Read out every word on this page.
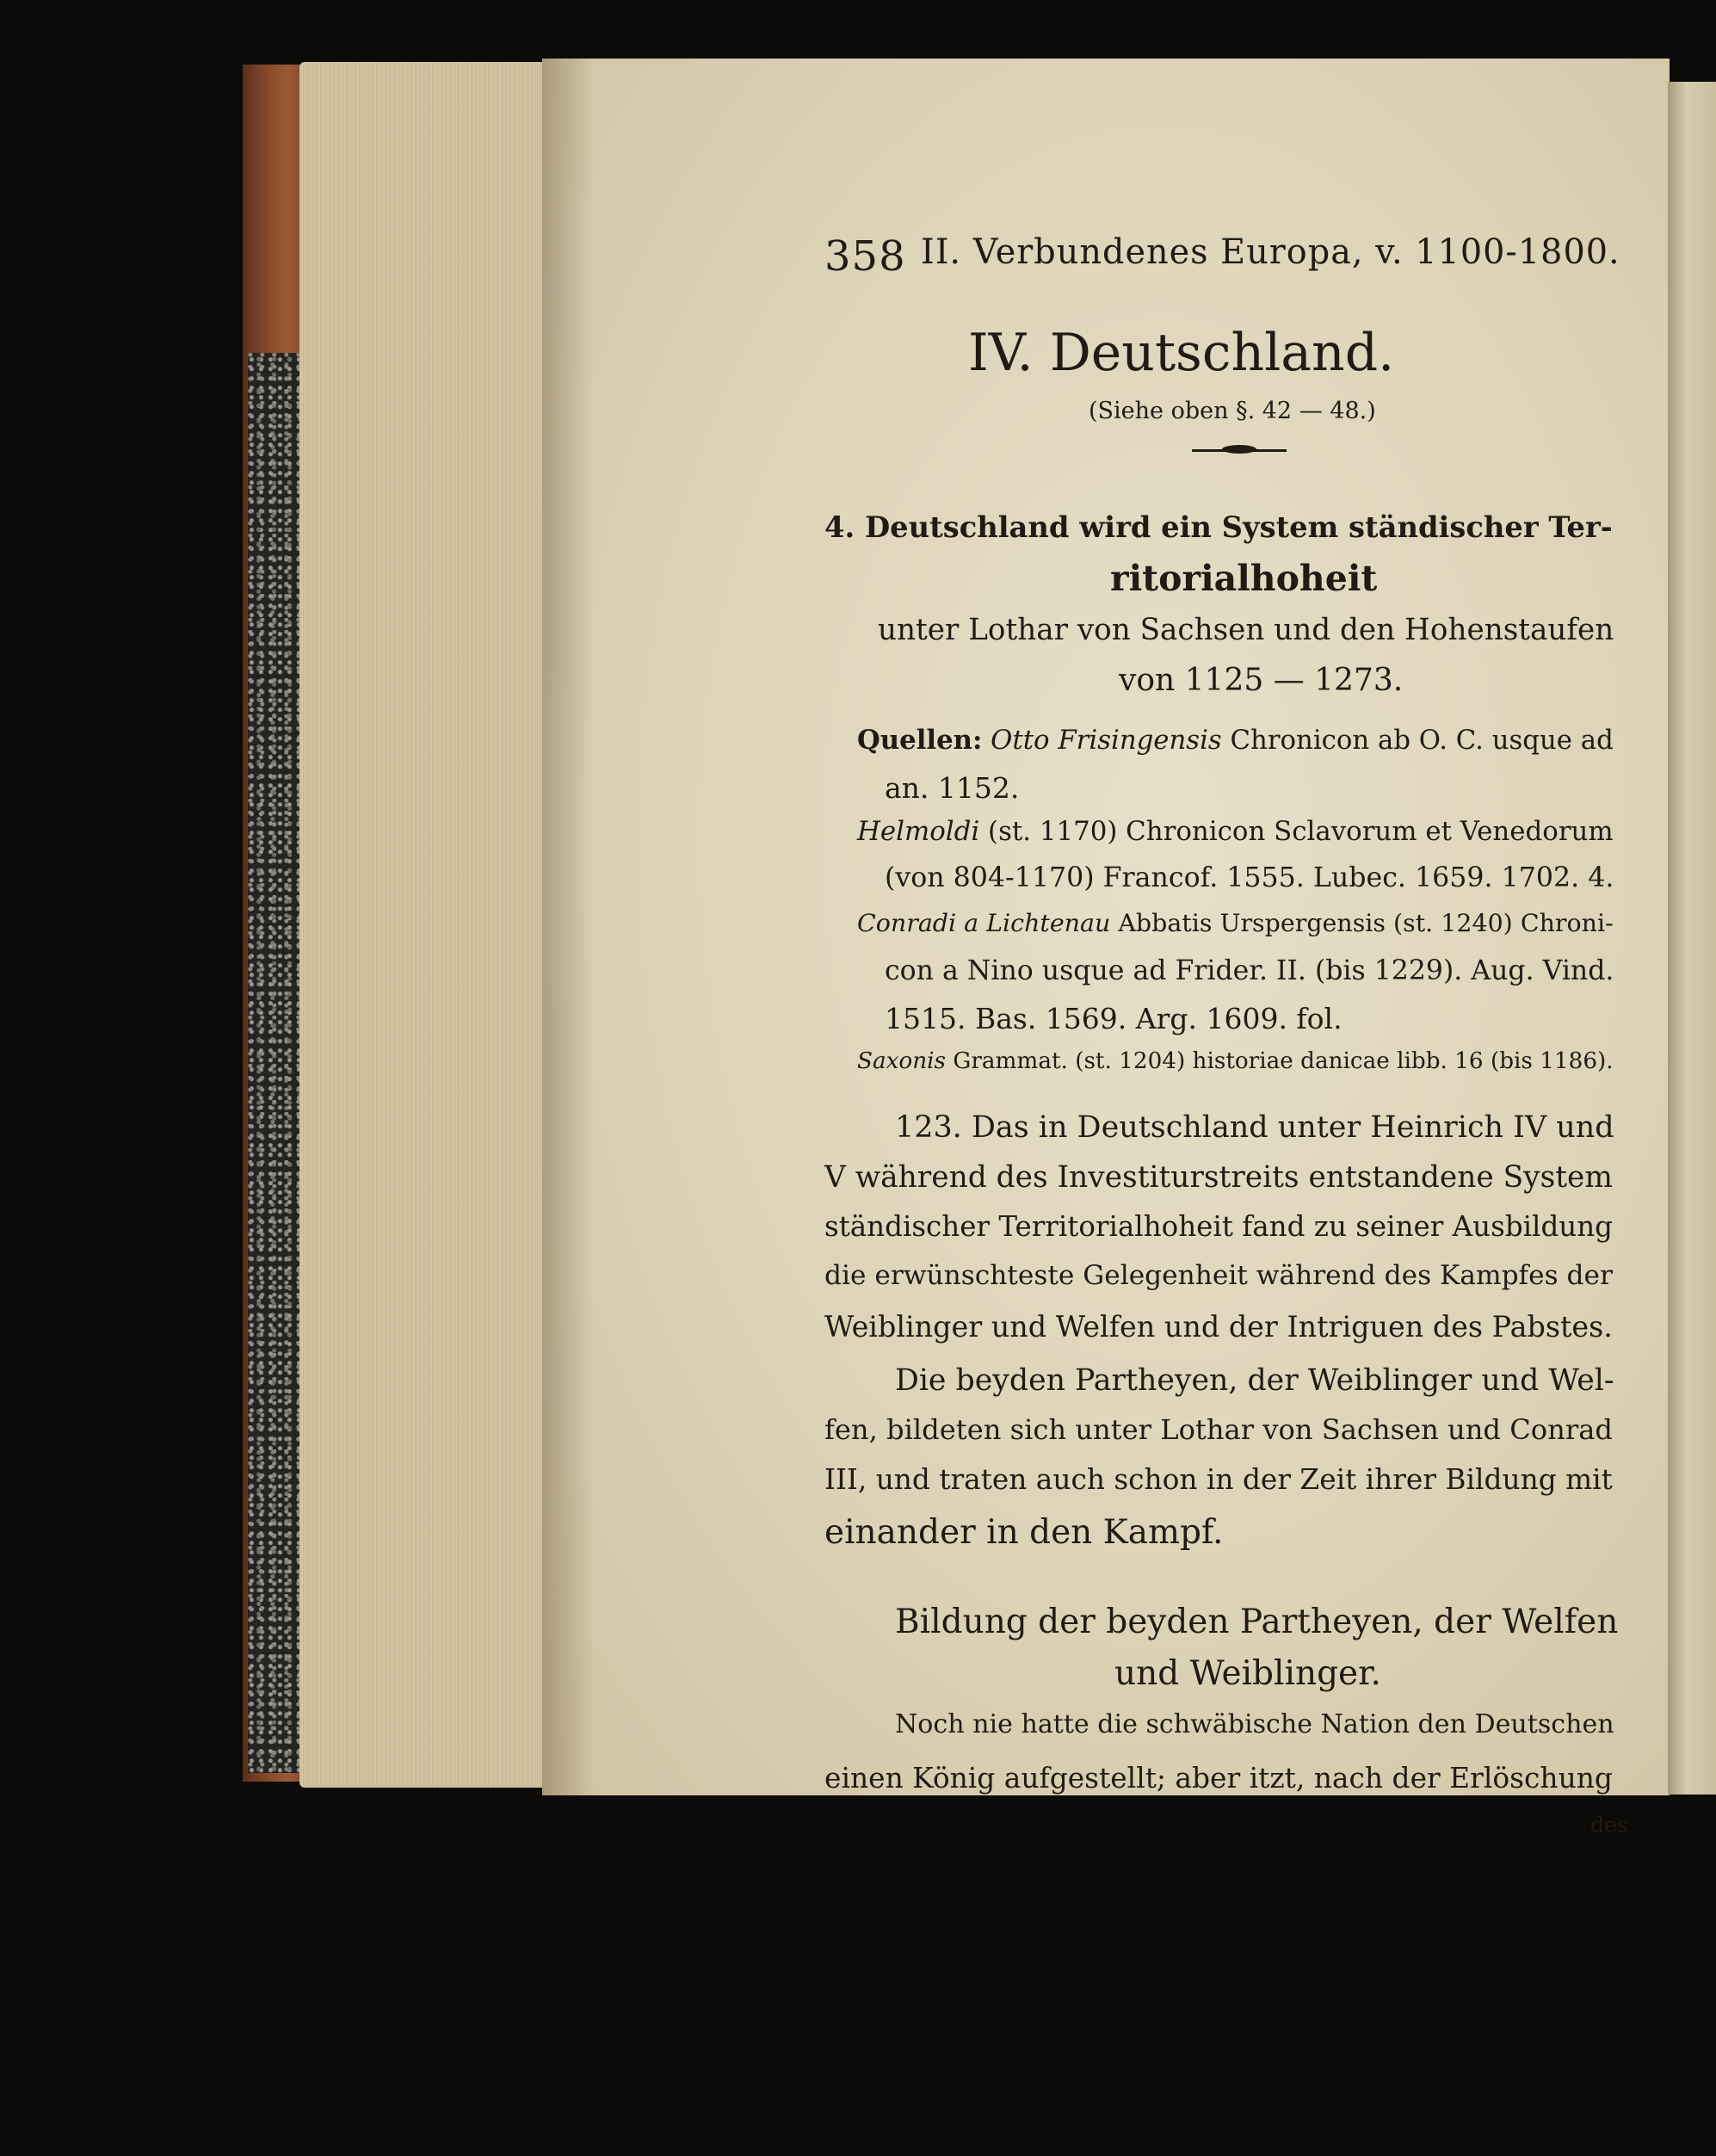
358 II. Verbundenes Europa, v. 1100-1800.
IV. Deutschland.
(Siehe oben §. 42 — 48.)
4. Deutschland wird ein System ständischer Ter-
ritorialhoheit
unter Lothar von Sachsen und den Hohenstaufen
von 1125 — 1273.
Quellen: Otto Frisingensis Chronicon ab O. C. usque ad
an. 1152.
Helmoldi (st. 1170) Chronicon Sclavorum et Venedorum
(von 804-1170) Francof. 1555. Lubec. 1659. 1702. 4.
Conradi a Lichtenau Abbatis Urspergensis (st. 1240) Chroni-
con a Nino usque ad Frider. II. (bis 1229). Aug. Vind.
1515. Bas. 1569. Arg. 1609. fol.
Saxonis Grammat. (st. 1204) historiae danicae libb. 16 (bis 1186).
123. Das in Deutschland unter Heinrich IV und
V während des Investiturstreits entstandene System
ständischer Territorialhoheit fand zu seiner Ausbildung
die erwünschteste Gelegenheit während des Kampfes der
Weiblinger und Welfen und der Intriguen des Pabstes.
Die beyden Partheyen, der Weiblinger und Wel-
fen, bildeten sich unter Lothar von Sachsen und Conrad
III, und traten auch schon in der Zeit ihrer Bildung mit
einander in den Kampf.
Bildung der beyden Partheyen, der Welfen
und Weiblinger.
Noch nie hatte die schwäbische Nation den Deutschen
einen König aufgestellt; aber itzt, nach der Erlöschung
des
